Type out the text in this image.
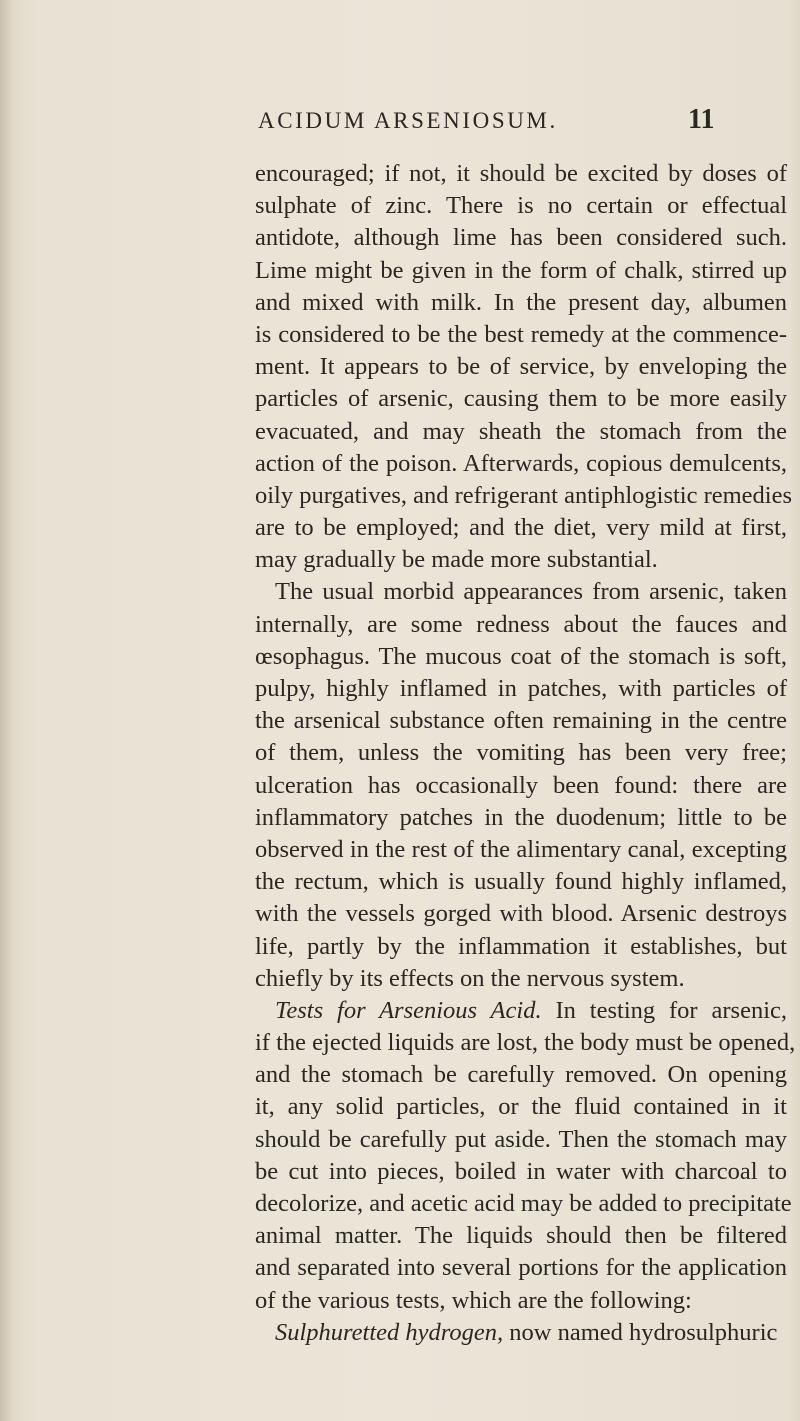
ACIDUM ARSENIOSUM.	11
encouraged; if not, it should be excited by doses of
sulphate of zinc. There is no certain or effectual
antidote, although lime has been considered such.
Lime might be given in the form of chalk, stirred up
and mixed with milk. In the present day, albumen
is considered to be the best remedy at the commence-
ment. It appears to be of service, by enveloping the
particles of arsenic, causing them to be more easily
evacuated, and may sheath the stomach from the
action of the poison. Afterwards, copious demulcents,
oily purgatives, and refrigerant antiphlogistic remedies
are to be employed; and the diet, very mild at first,
may gradually be made more substantial.
The usual morbid appearances from arsenic, taken
internally, are some redness about the fauces and
œsophagus. The mucous coat of the stomach is soft,
pulpy, highly inflamed in patches, with particles of
the arsenical substance often remaining in the centre
of them, unless the vomiting has been very free;
ulceration has occasionally been found: there are
inflammatory patches in the duodenum; little to be
observed in the rest of the alimentary canal, excepting
the rectum, which is usually found highly inflamed,
with the vessels gorged with blood. Arsenic destroys
life, partly by the inflammation it establishes, but
chiefly by its effects on the nervous system.
Tests for Arsenious Acid. In testing for arsenic,
if the ejected liquids are lost, the body must be opened,
and the stomach be carefully removed. On opening
it, any solid particles, or the fluid contained in it
should be carefully put aside. Then the stomach may
be cut into pieces, boiled in water with charcoal to
decolorize, and acetic acid may be added to precipitate
animal matter. The liquids should then be filtered
and separated into several portions for the application
of the various tests, which are the following:
Sulphuretted hydrogen, now named hydrosulphuric
